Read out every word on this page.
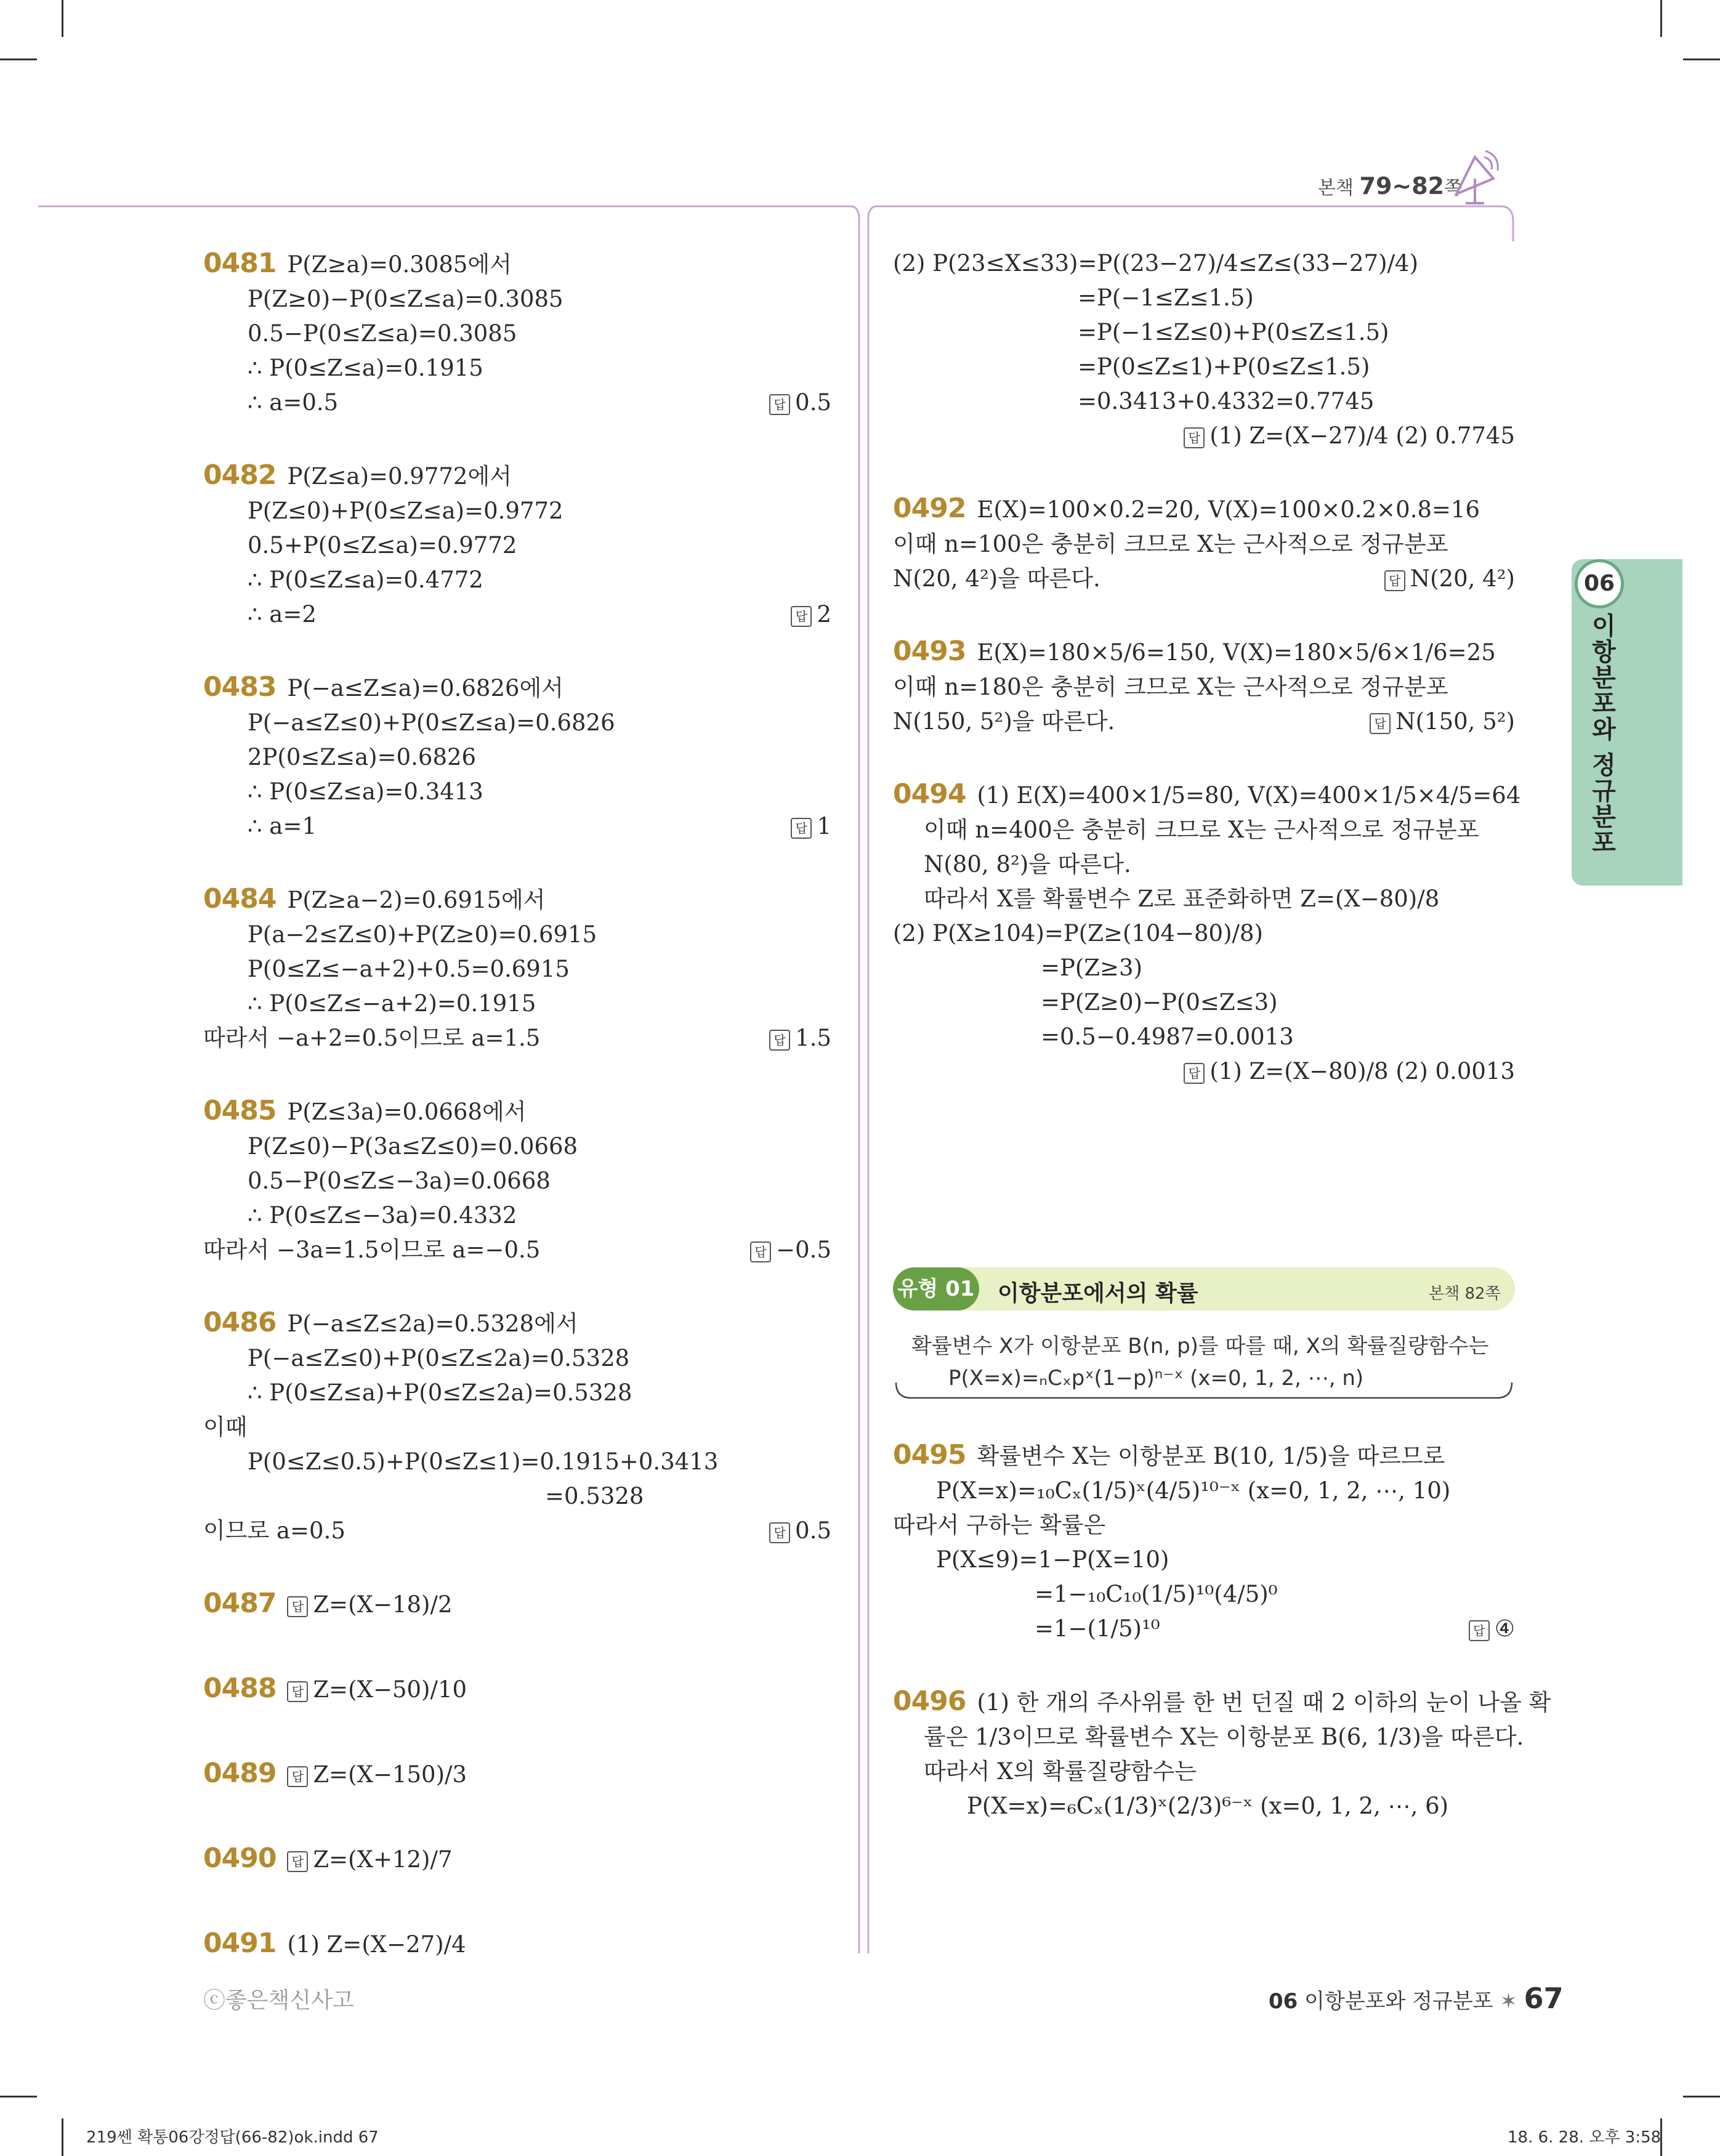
본책 79~82쪽
0481 P(Z≥a)=0.3085에서
P(Z≥0)−P(0≤Z≤a)=0.3085
0.5−P(0≤Z≤a)=0.3085
∴ P(0≤Z≤a)=0.1915
∴ a=0.5	답 0.5
0482 P(Z≤a)=0.9772에서
P(Z≤0)+P(0≤Z≤a)=0.9772
0.5+P(0≤Z≤a)=0.9772
∴ P(0≤Z≤a)=0.4772
∴ a=2	답 2
0483 P(−a≤Z≤a)=0.6826에서
P(−a≤Z≤0)+P(0≤Z≤a)=0.6826
2P(0≤Z≤a)=0.6826
∴ P(0≤Z≤a)=0.3413
∴ a=1	답 1
0484 P(Z≥a−2)=0.6915에서
P(a−2≤Z≤0)+P(Z≥0)=0.6915
P(0≤Z≤−a+2)+0.5=0.6915
∴ P(0≤Z≤−a+2)=0.1915
따라서 −a+2=0.5이므로 a=1.5	답 1.5
0485 P(Z≤3a)=0.0668에서
P(Z≤0)−P(3a≤Z≤0)=0.0668
0.5−P(0≤Z≤−3a)=0.0668
∴ P(0≤Z≤−3a)=0.4332
따라서 −3a=1.5이므로 a=−0.5	답 −0.5
0486 P(−a≤Z≤2a)=0.5328에서
P(−a≤Z≤0)+P(0≤Z≤2a)=0.5328
∴ P(0≤Z≤a)+P(0≤Z≤2a)=0.5328
이때
P(0≤Z≤0.5)+P(0≤Z≤1)=0.1915+0.3413
=0.5328
이므로 a=0.5	답 0.5
0487 답 Z=(X−18)/2
0488 답 Z=(X−50)/10
0489 답 Z=(X−150)/3
0490 답 Z=(X+12)/7
0491 (1) Z=(X−27)/4
(2) P(23≤X≤33)=P((23−27)/4≤Z≤(33−27)/4)
=P(−1≤Z≤1.5)
=P(−1≤Z≤0)+P(0≤Z≤1.5)
=P(0≤Z≤1)+P(0≤Z≤1.5)
=0.3413+0.4332=0.7745
답 (1) Z=(X−27)/4 (2) 0.7745
0492 E(X)=100×0.2=20, V(X)=100×0.2×0.8=16
이때 n=100은 충분히 크므로 X는 근사적으로 정규분포
N(20, 4²)을 따른다.	답 N(20, 4²)
0493 E(X)=180×5/6=150, V(X)=180×5/6×1/6=25
이때 n=180은 충분히 크므로 X는 근사적으로 정규분포
N(150, 5²)을 따른다.	답 N(150, 5²)
0494 (1) E(X)=400×1/5=80, V(X)=400×1/5×4/5=64
이때 n=400은 충분히 크므로 X는 근사적으로 정규분포
N(80, 8²)을 따른다.
따라서 X를 확률변수 Z로 표준화하면 Z=(X−80)/8
(2) P(X≥104)=P(Z≥(104−80)/8)
=P(Z≥3)
=P(Z≥0)−P(0≤Z≤3)
=0.5−0.4987=0.0013
답 (1) Z=(X−80)/8 (2) 0.0013
유형 01 이항분포에서의 확률	본책 82쪽
확률변수 X가 이항분포 B(n, p)를 따를 때, X의 확률질량함수는
P(X=x)=ₙCₓpˣ(1−p)ⁿ⁻ˣ (x=0, 1, 2, ⋯, n)
0495 확률변수 X는 이항분포 B(10, 1/5)을 따르므로
P(X=x)=₁₀Cₓ(1/5)ˣ(4/5)¹⁰⁻ˣ (x=0, 1, 2, ⋯, 10)
따라서 구하는 확률은
P(X≤9)=1−P(X=10)
=1−₁₀C₁₀(1/5)¹⁰(4/5)⁰
=1−(1/5)¹⁰	답 ④
0496 (1) 한 개의 주사위를 한 번 던질 때 2 이하의 눈이 나올 확
률은 1/3이므로 확률변수 X는 이항분포 B(6, 1/3)을 따른다.
따라서 X의 확률질량함수는
P(X=x)=₆Cₓ(1/3)ˣ(2/3)⁶⁻ˣ (x=0, 1, 2, ⋯, 6)
06
이항분포와 정규분포
ⓒ좋은책신사고	06 이항분포와 정규분포 ✶ 67
219쎈 확통06강정답(66-82)ok.indd 67	18. 6. 28. 오후 3:58
